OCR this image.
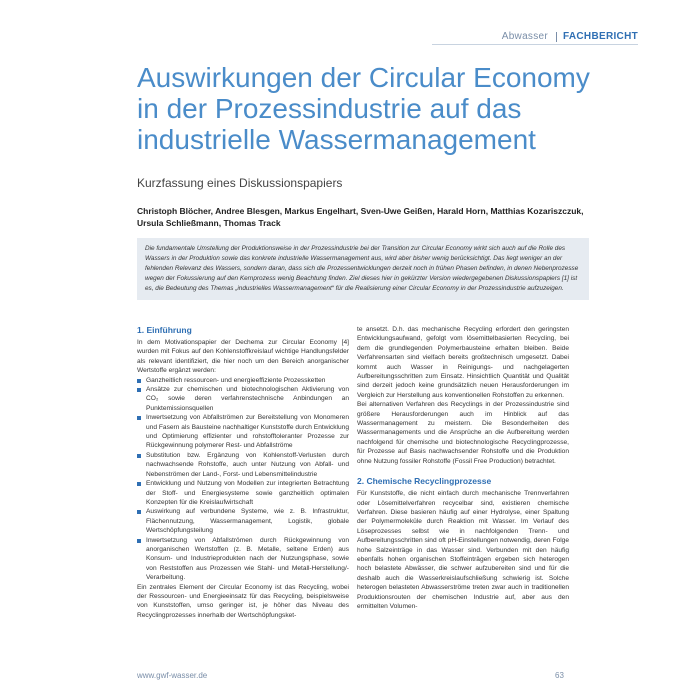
Abwasser FACHBERICHT
Auswirkungen der Circular Economy in der Prozessindustrie auf das industrielle Wassermanagement
Kurzfassung eines Diskussionspapiers
Christoph Blöcher, Andree Blesgen, Markus Engelhart, Sven-Uwe Geißen, Harald Horn, Matthias Kozariszczuk, Ursula Schließmann, Thomas Track
Die fundamentale Umstellung der Produktionsweise in der Prozessindustrie bei der Transition zur Circular Economy wirkt sich auch auf die Rolle des Wassers in der Produktion sowie das konkrete industrielle Wassermanagement aus, wird aber bisher wenig berücksichtigt. Das liegt weniger an der fehlenden Relevanz des Wassers, sondern daran, dass sich die Prozessentwicklungen derzeit noch in frühen Phasen befinden, in denen Nebenprozesse wegen der Fokussierung auf den Kernprozess wenig Beachtung finden. Ziel dieses hier in gekürzter Version wiedergegebenen Diskussionspapiers [1] ist es, die Bedeutung des Themas „industrielles Wassermanagement“ für die Realisierung einer Circular Economy in der Prozessindustrie aufzuzeigen.
1. Einführung

In dem Motivationspapier der Dechema zur Circular Economy [4] wurden mit Fokus auf den Kohlenstoffkreislauf wichtige Handlungsfelder als relevant identifiziert, die hier noch um den Bereich anorganischer Wertstoffe ergänzt werden:

Ganzheitlich ressourcen- und energieeffiziente Prozessketten
Ansätze zur chemischen und biotechnologischen Aktivierung von CO₂ sowie deren verfahrenstechnische Anbindungen an Punktemissionsquellen
Inwertsetzung von Abfallströmen zur Bereitstellung von Monomeren und Fasern als Bausteine nachhaltiger Kunststoffe durch Entwicklung und Optimierung effizienter und rohstofftoleranter Prozesse zur Rückgewinnung polymerer Rest- und Abfallströme
Substitution bzw. Ergänzung von Kohlenstoff-Verlusten durch nachwachsende Rohstoffe, auch unter Nutzung von Abfall- und Nebenströmen der Land-, Forst- und Lebensmittelindustrie
Entwicklung und Nutzung von Modellen zur integrierten Betrachtung der Stoff- und Energiesysteme sowie ganzheitlich optimalen Konzepten für die Kreislaufwirtschaft
Auswirkung auf verbundene Systeme, wie z. B. Infrastruktur, Flächennutzung, Wassermanagement, Logistik, globale Wertschöpfungsteilung
Inwertsetzung von Abfallströmen durch Rückgewinnung von anorganischen Wertstoffen (z. B. Metalle, seltene Erden) aus Konsum- und Industrieprodukten nach der Nutzungsphase, sowie von Reststoffen aus Prozessen wie Stahl- und Metall-Herstellung/-Verarbeitung.

Ein zentrales Element der Circular Economy ist das Recycling, wobei der Ressourcen- und Energieeinsatz für das Recycling, beispielsweise von Kunststoffen, umso geringer ist, je höher das Niveau des Recyclingprozesses innerhalb der Wertschöpfungsket-

te ansetzt. D.h. das mechanische Recycling erfordert den geringsten Entwicklungsaufwand, gefolgt vom lösemittelbasierten Recycling, bei dem die grundlegenden Polymerbausteine erhalten bleiben. Beide Verfahrensarten sind vielfach bereits großtechnisch umgesetzt. Dabei kommt auch Wasser in Reinigungs- und nachgelagerten Aufbereitungsschritten zum Einsatz. Hinsichtlich Quantität und Qualität sind derzeit jedoch keine grundsätzlich neuen Herausforderungen im Vergleich zur Herstellung aus konventionellen Rohstoffen zu erkennen.

Bei alternativen Verfahren des Recyclings in der Prozessindustrie sind größere Herausforderungen auch im Hinblick auf das Wassermanagement zu meistern. Die Besonderheiten des Wassermanagements und die Ansprüche an die Aufbereitung werden nachfolgend für chemische und biotechnologische Recyclingprozesse, für Prozesse auf Basis nachwachsender Rohstoffe und die Produktion ohne Nutzung fossiler Rohstoffe (Fossil Free Production) betrachtet.

2. Chemische Recyclingprozesse

Für Kunststoffe, die nicht einfach durch mechanische Trennverfahren oder Lösemittelverfahren recycelbar sind, existieren chemische Verfahren. Diese basieren häufig auf einer Hydrolyse, einer Spaltung der Polymermoleküle durch Reaktion mit Wasser. Im Verlauf des Löseprozesses selbst wie in nachfolgenden Trenn- und Aufbereitungsschritten sind oft pH-Einstellungen notwendig, deren Folge hohe Salzeinträge in das Wasser sind. Verbunden mit den häufig ebenfalls hohen organischen Stoffeinträgen ergeben sich heterogen hoch belastete Abwässer, die schwer aufzubereiten sind und für die deshalb auch die Wasserkreislaufschließung schwierig ist. Solche heterogen belasteten Abwasserströme treten zwar auch in traditionellen Produktionsrouten der chemischen Industrie auf, aber aus den ermittelten Volumen-

www.gwf-wasser.de	63
